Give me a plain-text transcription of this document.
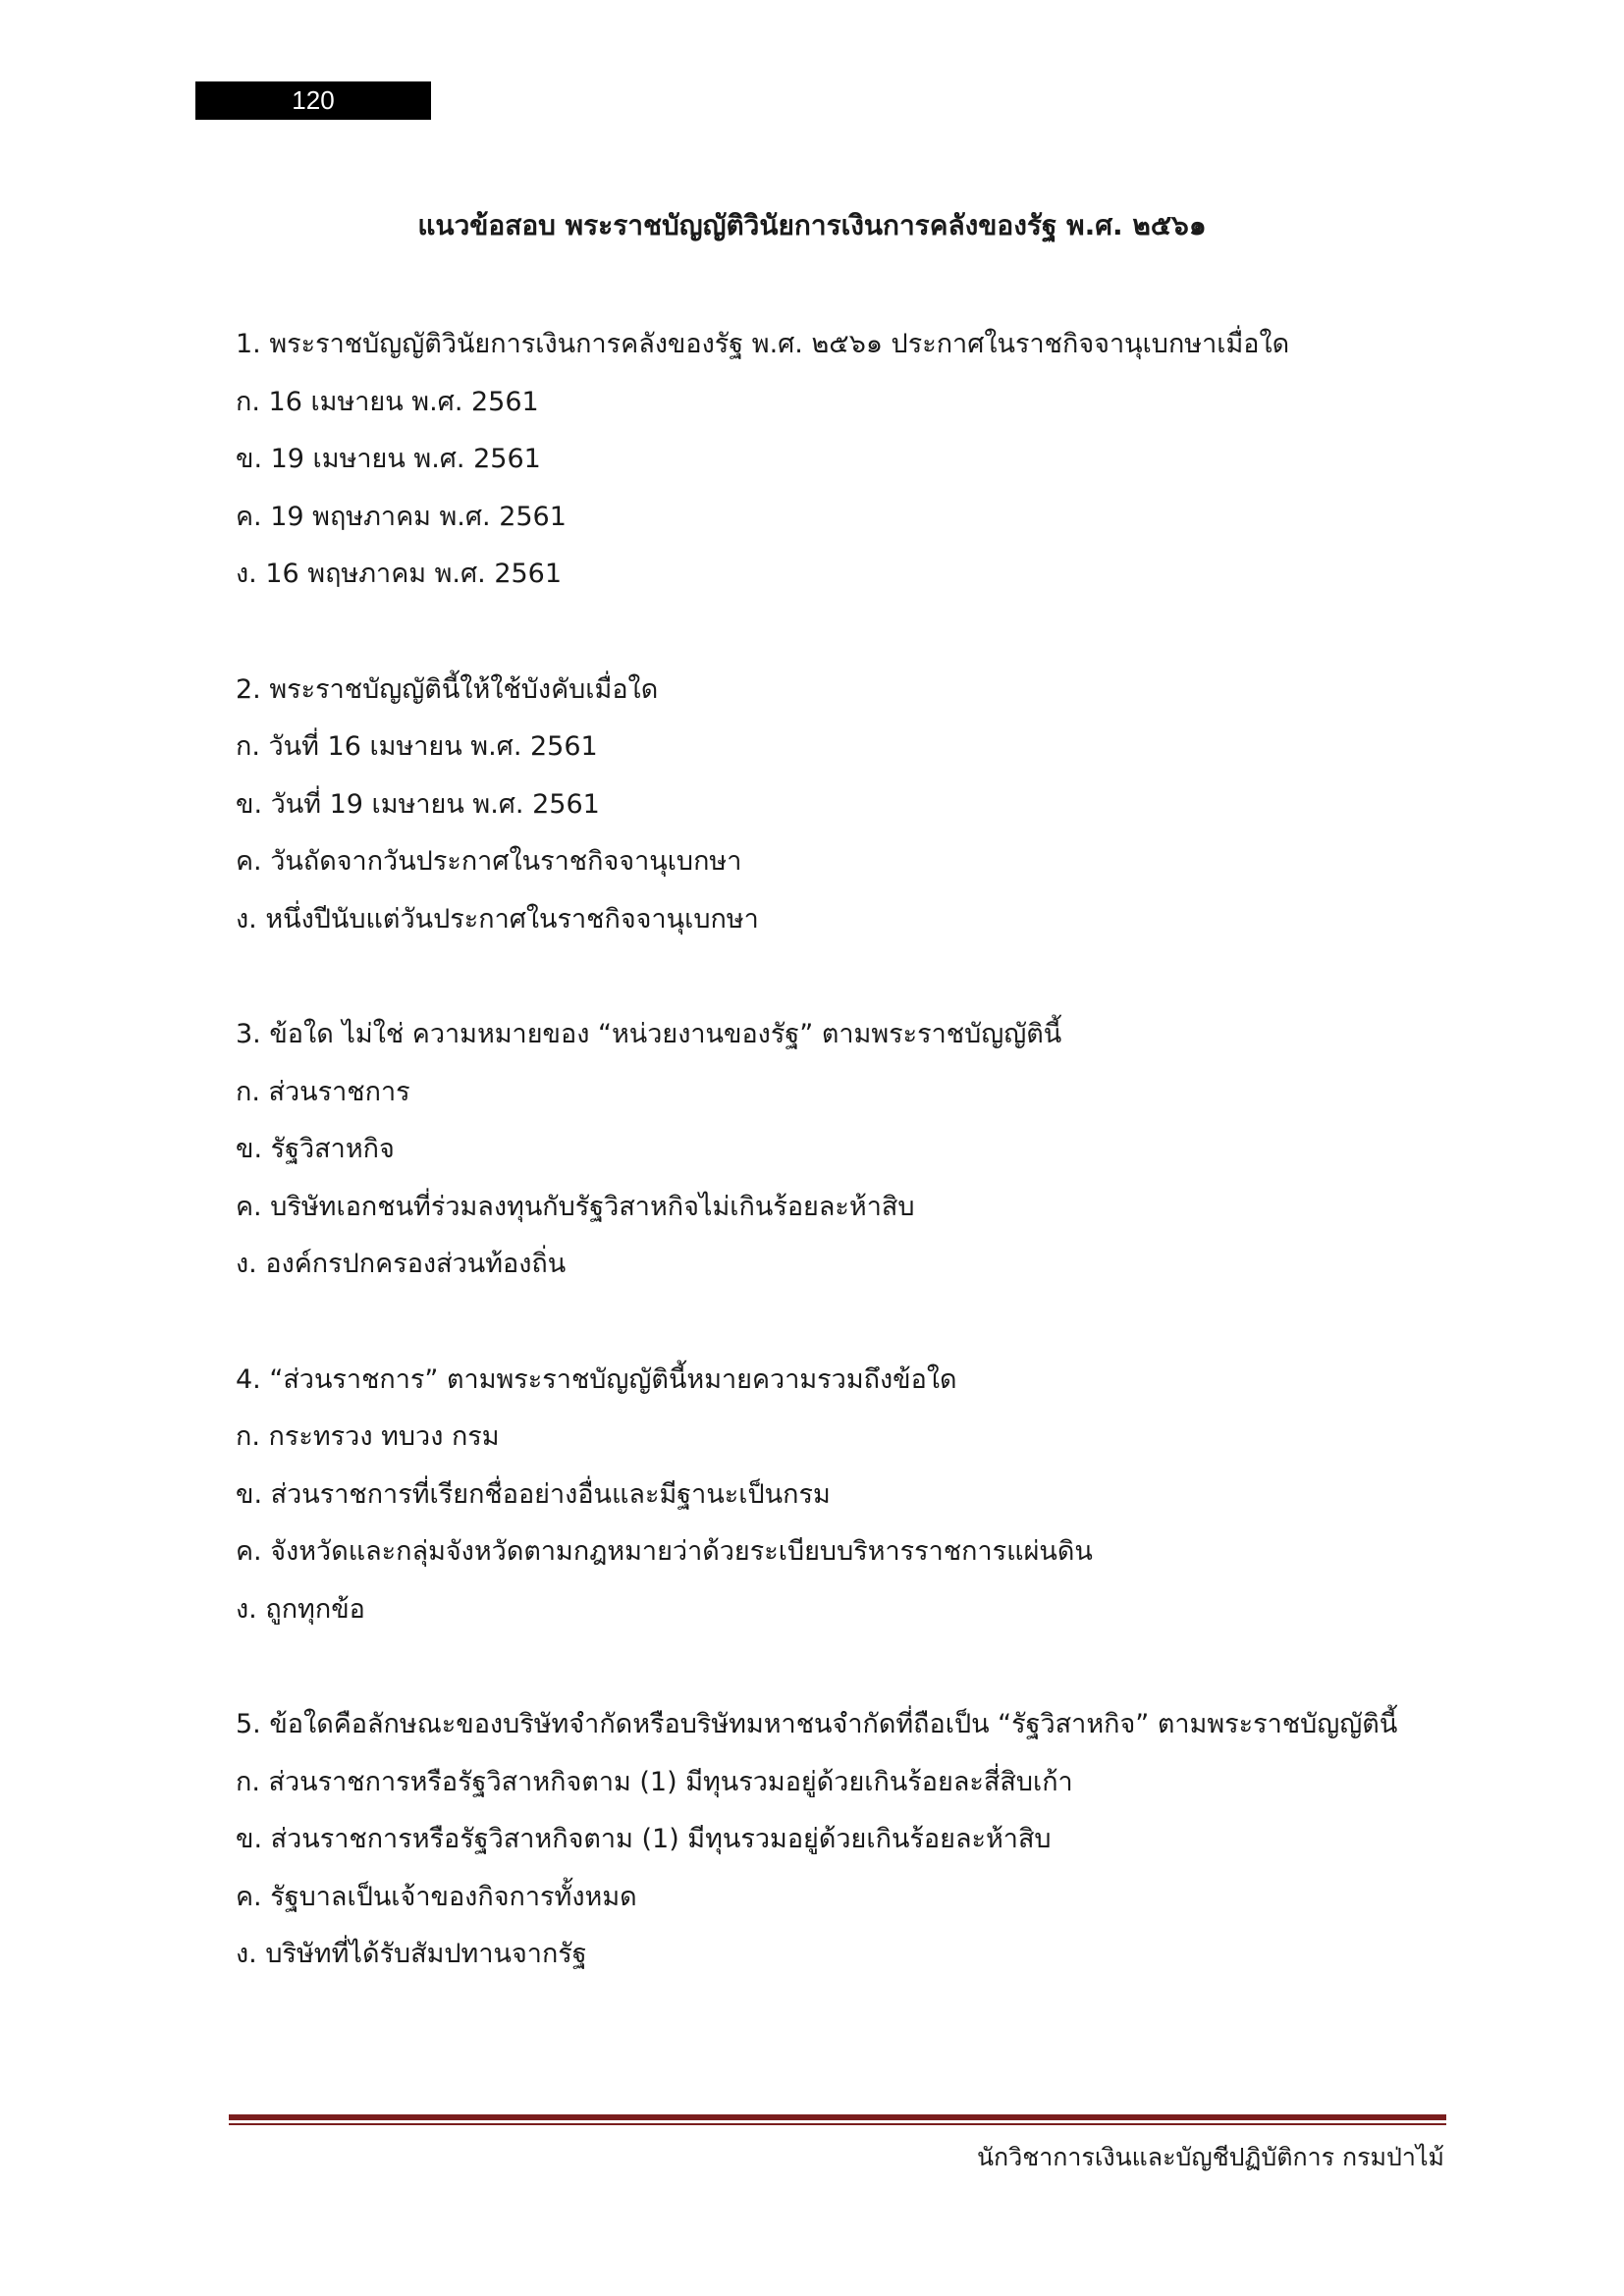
120
แนวข้อสอบ พระราชบัญญัติวินัยการเงินการคลังของรัฐ พ.ศ. ๒๕๖๑
1. พระราชบัญญัติวินัยการเงินการคลังของรัฐ พ.ศ. ๒๕๖๑ ประกาศในราชกิจจานุเบกษาเมื่อใด
ก. 16 เมษายน พ.ศ. 2561
ข. 19 เมษายน พ.ศ. 2561
ค. 19 พฤษภาคม พ.ศ. 2561
ง. 16 พฤษภาคม พ.ศ. 2561
2. พระราชบัญญัตินี้ให้ใช้บังคับเมื่อใด
ก. วันที่ 16 เมษายน พ.ศ. 2561
ข. วันที่ 19 เมษายน พ.ศ. 2561
ค. วันถัดจากวันประกาศในราชกิจจานุเบกษา
ง. หนึ่งปีนับแต่วันประกาศในราชกิจจานุเบกษา
3. ข้อใด ไม่ใช่ ความหมายของ “หน่วยงานของรัฐ” ตามพระราชบัญญัตินี้
ก. ส่วนราชการ
ข. รัฐวิสาหกิจ
ค. บริษัทเอกชนที่ร่วมลงทุนกับรัฐวิสาหกิจไม่เกินร้อยละห้าสิบ
ง. องค์กรปกครองส่วนท้องถิ่น
4. “ส่วนราชการ” ตามพระราชบัญญัตินี้หมายความรวมถึงข้อใด
ก. กระทรวง ทบวง กรม
ข. ส่วนราชการที่เรียกชื่ออย่างอื่นและมีฐานะเป็นกรม
ค. จังหวัดและกลุ่มจังหวัดตามกฎหมายว่าด้วยระเบียบบริหารราชการแผ่นดิน
ง. ถูกทุกข้อ
5. ข้อใดคือลักษณะของบริษัทจำกัดหรือบริษัทมหาชนจำกัดที่ถือเป็น “รัฐวิสาหกิจ” ตามพระราชบัญญัตินี้
ก. ส่วนราชการหรือรัฐวิสาหกิจตาม (1) มีทุนรวมอยู่ด้วยเกินร้อยละสี่สิบเก้า
ข. ส่วนราชการหรือรัฐวิสาหกิจตาม (1) มีทุนรวมอยู่ด้วยเกินร้อยละห้าสิบ
ค. รัฐบาลเป็นเจ้าของกิจการทั้งหมด
ง. บริษัทที่ได้รับสัมปทานจากรัฐ
นักวิชาการเงินและบัญชีปฏิบัติการ กรมป่าไม้
